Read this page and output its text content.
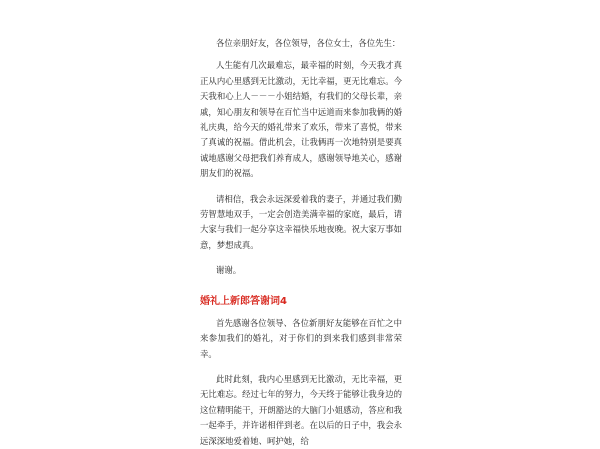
各位亲朋好友，各位领导，各位女士，各位先生：

人生能有几次最难忘，最幸福的时刻，今天我才真正从内心里感到无比激动，无比幸福，更无比难忘。今天我和心上人－－－小姐结婚，有我们的父母长辈，亲戚，知心朋友和领导在百忙当中远道而来参加我俩的婚礼庆典，给今天的婚礼带来了欢乐，带来了喜悦，带来了真诚的祝福。借此机会，让我俩再一次地特别是要真诚地感谢父母把我们养育成人，感谢领导地关心，感谢朋友们的祝福。

请相信，我会永远深爱着我的妻子，并通过我们勤劳智慧地双手，一定会创造美满幸福的家庭，最后，请大家与我们一起分享这幸福快乐地夜晚。祝大家万事如意，梦想成真。

谢谢。

婚礼上新郎答谢词4

首先感谢各位领导、各位新朋好友能够在百忙之中来参加我们的婚礼，对于你们的到来我们感到非常荣幸。

此时此刻，我内心里感到无比激动，无比幸福，更无比难忘。经过七年的努力，今天终于能够让我身边的这位精明能干，开朗豁达的大脑门小姐感动，答应和我一起牵手，并许诺相伴到老。在以后的日子中，我会永远深深地爱着她、呵护她，给
